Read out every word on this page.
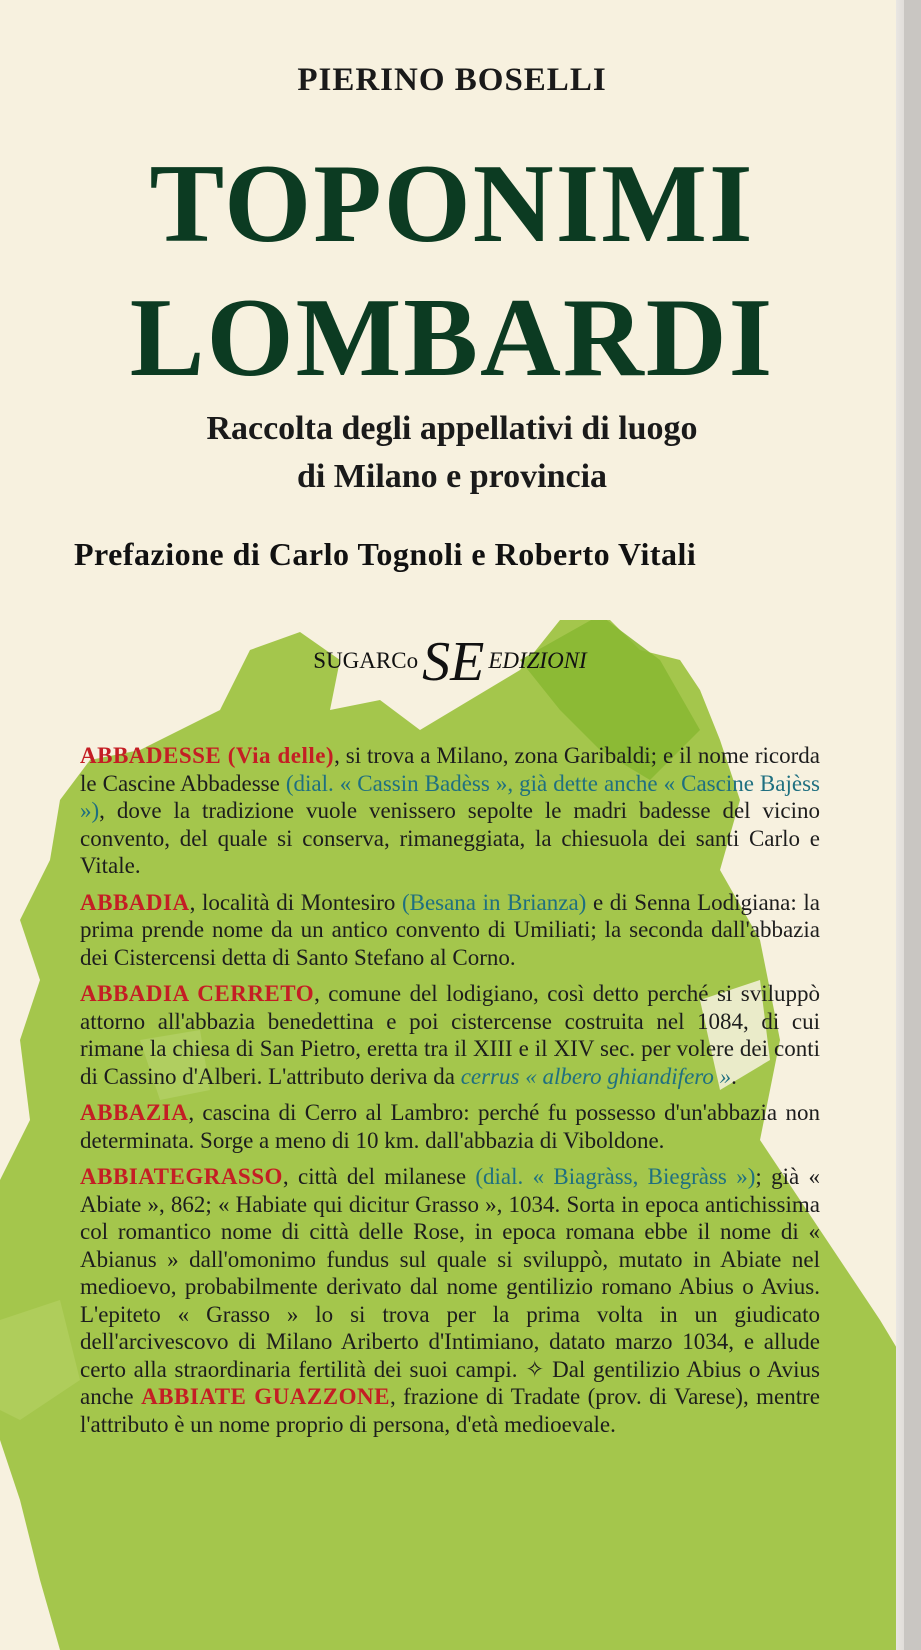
PIERINO BOSELLI
TOPONIMI
LOMBARDI
Raccolta degli appellativi di luogo
di Milano e provincia
Prefazione di Carlo Tognoli e Roberto Vitali
SUGARCoSE EDIZIONI
ABBADESSE (Via delle), si trova a Milano, zona Garibaldi; e il nome ricorda le Cascine Abbadesse (dial. « Cassin Badèss », già dette anche « Cascine Bajèss »), dove la tradizione vuole venissero sepolte le madri badesse del vicino convento, del quale si conserva, rimaneggiata, la chiesuola dei santi Carlo e Vitale.
ABBADIA, località di Montesiro (Besana in Brianza) e di Senna Lodigiana: la prima prende nome da un antico convento di Umiliati; la seconda dall'abbazia dei Cistercensi detta di Santo Stefano al Corno.
ABBADIA CERRETO, comune del lodigiano, così detto perché si sviluppò attorno all'abbazia benedettina e poi cistercense costruita nel 1084, di cui rimane la chiesa di San Pietro, eretta tra il XIII e il XIV sec. per volere dei conti di Cassino d'Alberi. L'attributo deriva da cerrus « albero ghiandifero ».
ABBAZIA, cascina di Cerro al Lambro: perché fu possesso d'un'abbazia non determinata. Sorge a meno di 10 km. dall'abbazia di Viboldone.
ABBIATEGRASSO, città del milanese (dial. « Biagràss, Biegràss »); già « Abiate », 862; « Habiate qui dicitur Grasso », 1034. Sorta in epoca antichissima col romantico nome di città delle Rose, in epoca romana ebbe il nome di « Abianus » dall'omonimo fundus sul quale si sviluppò, mutato in Abiate nel medioevo, probabilmente derivato dal nome gentilizio romano Abius o Avius. L'epiteto « Grasso » lo si trova per la prima volta in un giudicato dell'arcivescovo di Milano Ariberto d'Intimiano, datato marzo 1034, e allude certo alla straordinaria fertilità dei suoi campi. ✧ Dal gentilizio Abius o Avius anche ABBIATE GUAZZONE, frazione di Tradate (prov. di Varese), mentre l'attributo è un nome proprio di persona, d'età medioevale.
